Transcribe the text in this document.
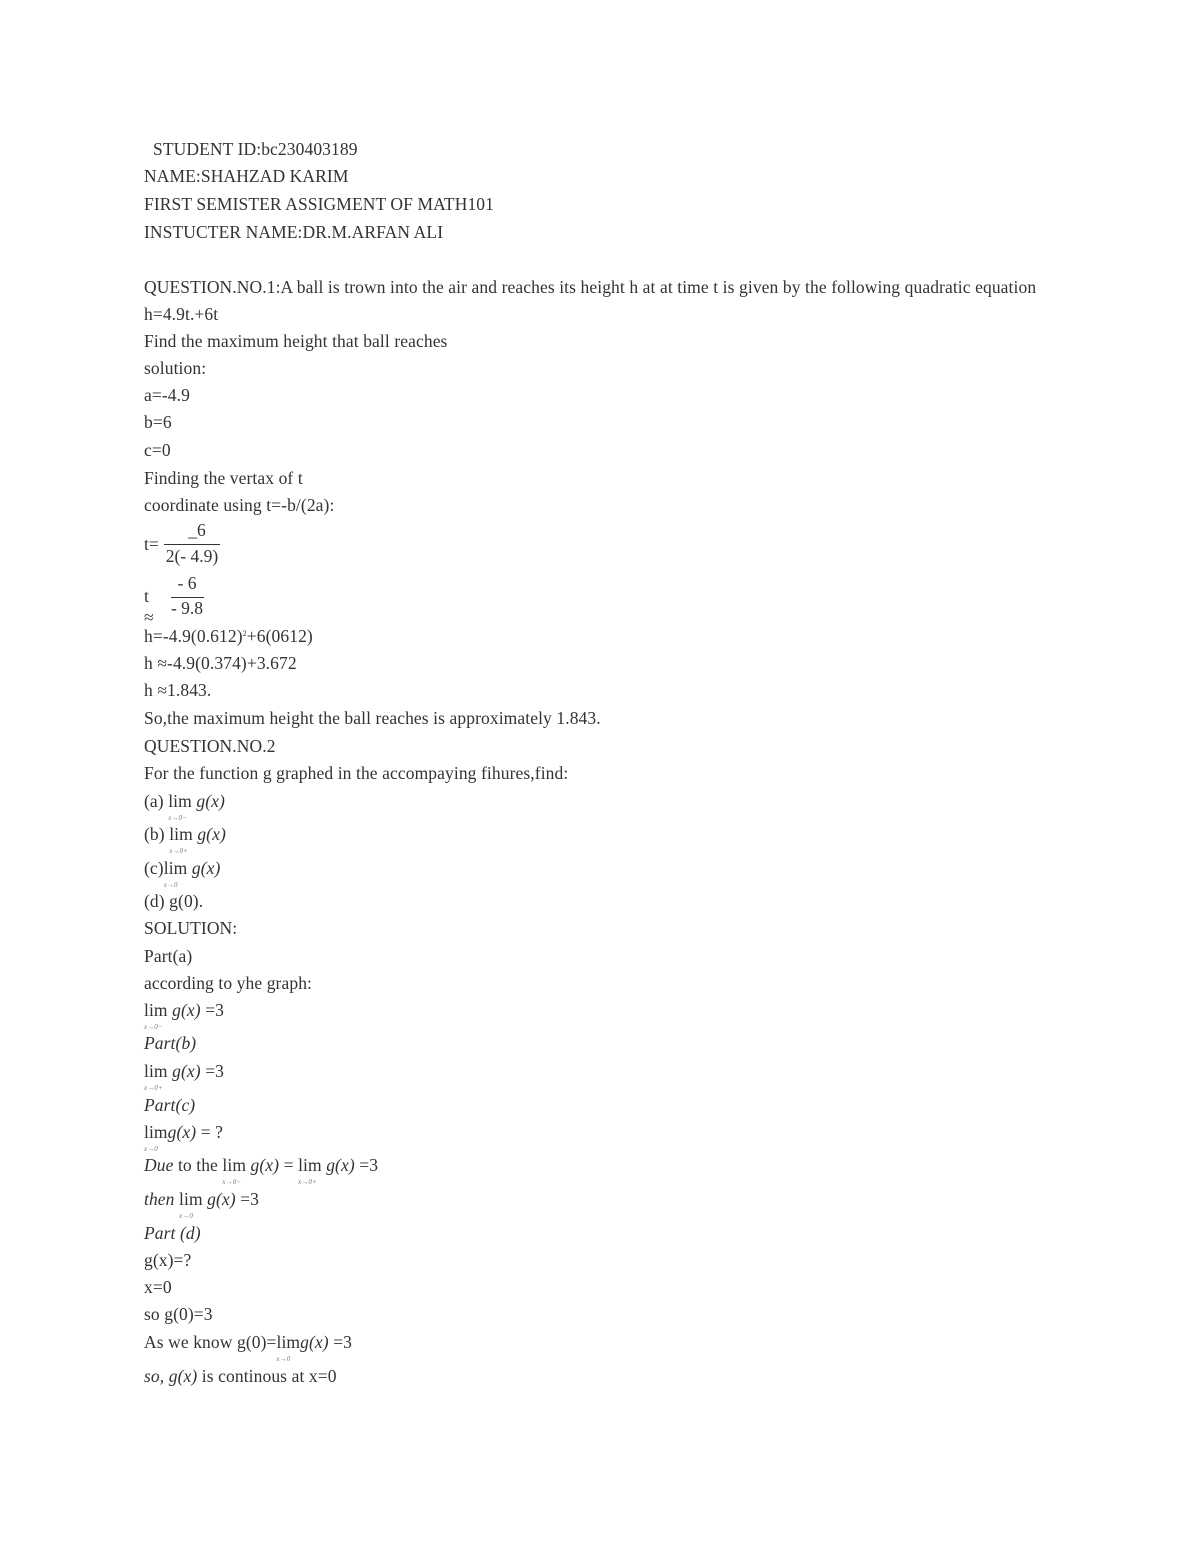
STUDENT ID:bc230403189
NAME:SHAHZAD KARIM
FIRST SEMISTER ASSIGMENT OF MATH101
INSTUCTER NAME:DR.M.ARFAN ALI
QUESTION.NO.1:A ball is trown into the air and reaches its height h at at time t is given by the following quadratic equation
h=4.9t.+6t
Find the maximum height that ball reaches
solution:
a=-4.9
b=6
c=0
Finding the vertax of t
coordinate using t=-b/(2a):
t=
_6
2(- 4.9)
t ≈
- 6
- 9.8
$h=-4.9(0.612)^2+6(0612)$
h ≈-4.9(0.374)+3.672
h ≈1.843.
So,the maximum height the ball reaches is approximately 1.843.
QUESTION.NO.2
For the function g graphed in the accompaying fihures,find:
(a) lim
x→0−
g(x)
(b) lim
x→0+
g(x)
(c)lim
x→0
g(x)
(d) g(0).
SOLUTION:
Part(a)
according to yhe graph:
lim
x→0−
g(x) =3
Part(b)
lim
x→0+
g(x) =3
Part(c)
lim
x→0
g(x) = ?
Due to the lim
x→0−
g(x) = lim
x→0+
g(x) =3
then lim
x→0
g(x) =3
Part (d)
g(x)=?
x=0
so g(0)=3
As we know g(0)=lim
x→0
g(x) =3
so, g(x) is continous at x=0
